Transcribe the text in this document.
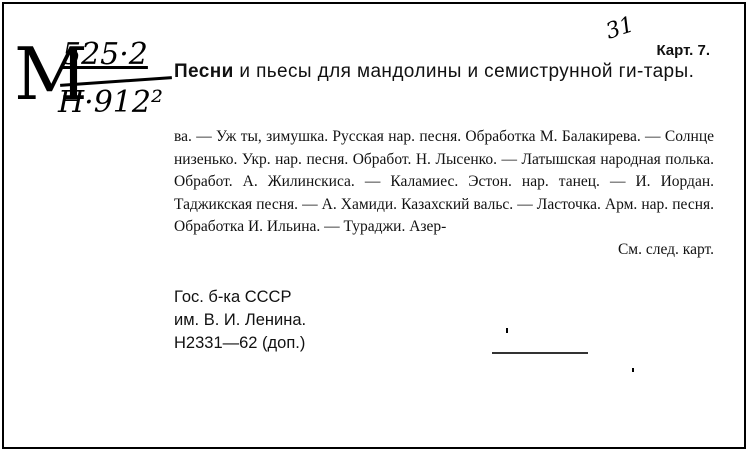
М
525·2
Н·912²
31
Карт. 7.
Песни и пьесы для мандолины и семиструнной ги-тары.

ва. — Уж ты, зимушка. Русская нар. песня. Обработка М. Балакирева. — Солнце низенько. Укр. нар. песня. Обработ. Н. Лысенко. — Латышская народная полька. Обработ. А. Жилинскиса. — Каламиес. Эстон. нар. танец. — И. Иордан. Таджикская песня. — А. Хамиди. Казахский вальс. — Ласточка. Арм. нар. песня. Обработка И. Ильина. — Тураджи. Азер-

См. след. карт.
Гос. б-ка СССР
им. В. И. Ленина.
Н2331—62 (доп.)
